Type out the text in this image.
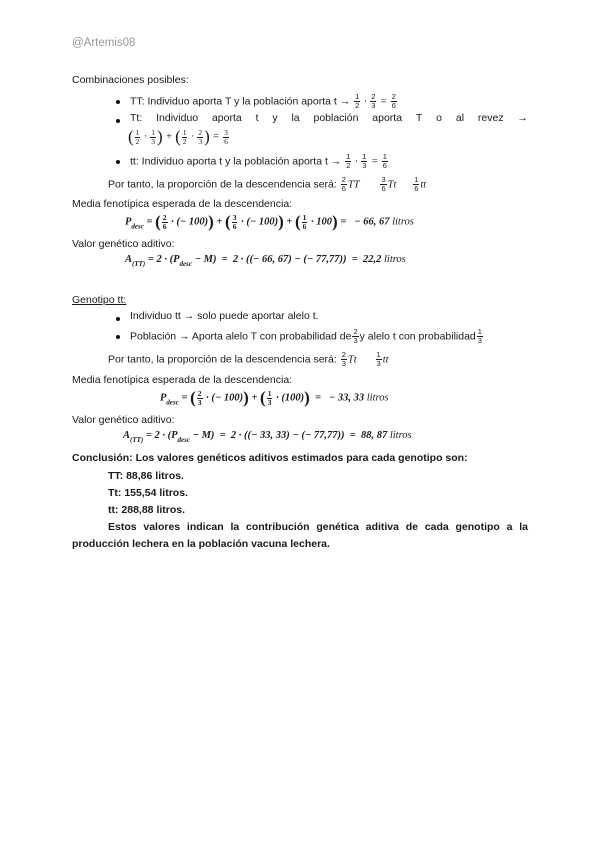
@Artemis08
Combinaciones posibles:
TT: Individuo aporta T y la población aporta $t \to \frac{1}{2} \cdot \frac{2}{3} = \frac{2}{6}$
Tt: Individuo aporta t y la población aporta T o al revez →
( $\frac{1}{2} \cdot \frac{1}{3}$ ) + ( $\frac{1}{2} \cdot \frac{2}{3}$ ) = $\frac{3}{6}$
tt: Individuo aporta t y la población aporta $t \to \frac{1}{2} \cdot \frac{1}{3} = \frac{1}{6}$
Por tanto, la proporción de la descendencia será: $\frac{2}{6}$ TT	$\frac{3}{6}$ Tt $\frac{1}{6}$ tt
Media fenotípica esperada de la descendencia:
$P_{desc}$ = ( $\frac{2}{6}$ · (− 100)) + ( $\frac{3}{6}$ · (− 100)) + ( $\frac{1}{6} \cdot 100$) =   − 66, 67 litros
Valor genético aditivo:
$A_{(TT)} = 2 \cdot (P_{desc} - M) = 2$ · ((− 66, 67) − (− 77,77))  =  22,2 litros
Genotipo tt:
Individuo tt → solo puede aportar alelo t.
Población → Aporta alelo T con probabilidad de $\frac{2}{3}$ y alelo t con probabilidad $\frac{1}{3}$
Por tanto, la proporción de la descendencia será: $\frac{2}{3}$ Tt	$\frac{1}{3}$ tt
Media fenotípica esperada de la descendencia:
$P_{desc}$ = ( $\frac{2}{3}$ · (− 100)) + ( $\frac{1}{3} \cdot (100)$)  =   − 33, 33 litros
Valor genético aditivo:
$A_{(TT)} = 2 \cdot (P_{desc} - M) = 2$ · ((− 33, 33) − (− 77,77))  =  88, 87 litros
Conclusión: Los valores genéticos aditivos estimados para cada genotipo son:
TT: 88,86 litros.
Tt: 155,54 litros.
tt: 288,88 litros.
Estos valores indican la contribución genética aditiva de cada genotipo a la
producción lechera en la población vacuna lechera.
